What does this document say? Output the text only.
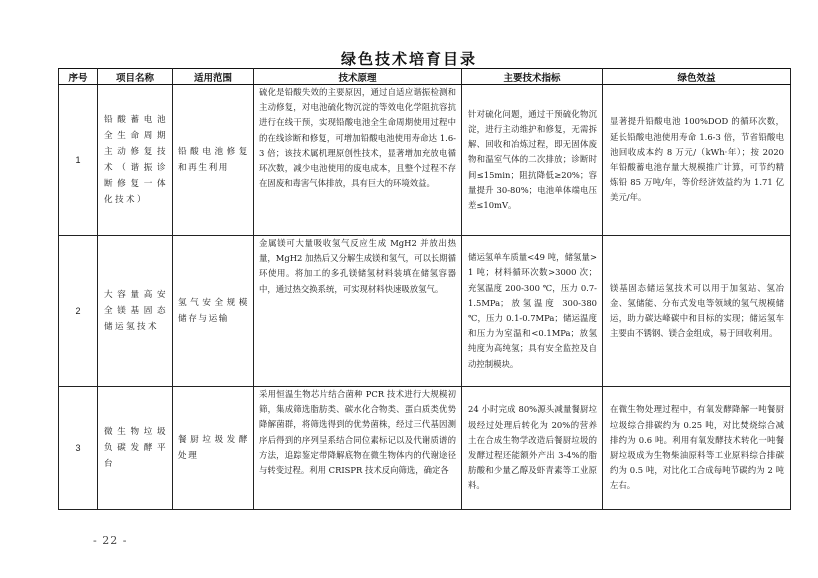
绿色技术培育目录
序号	项目名称	适用范围	技术原理	主要技术指标	绿色效益
1	铅酸蓄电池全生命周期主动修复技术（谐振诊断修复一体化技术）	铅酸电池修复和再生利用	硫化是铅酸失效的主要原因，通过自适应谐振检测和主动修复，对电池硫化物沉淀的等效电化学阻抗容抗进行在线干预，实现铅酸电池全生命周期使用过程中的在线诊断和修复，可增加铅酸电池使用寿命达 1.6-3 倍；该技术属机理原创性技术，显著增加充放电循环次数，减少电池使用的废电成本，且整个过程不存在固废和毒害气体排放，具有巨大的环境效益。	针对硫化问题，通过干预硫化物沉淀，进行主动维护和修复，无需拆解、回收和冶炼过程，即无固体废物和温室气体的二次排放；诊断时间≤15min；阻抗降低≥20%；容量提升 30-80%；电池单体端电压差≤10mV。	显著提升铅酸电池 100%DOD 的循环次数，延长铅酸电池使用寿命 1.6-3 倍，节省铅酸电池回收成本约 8 万元/（kWh·年）；按 2020 年铅酸蓄电池存量大规模推广计算，可节约精炼铅 85 万吨/年，等价经济效益约为 1.71 亿美元/年。
2	大容量高安全镁基固态储运氢技术	氢气安全规模储存与运输	金属镁可大量吸收氢气反应生成 MgH2 并放出热量，MgH2 加热后又分解生成镁和氢气，可以长期循环使用。将加工的多孔镁储氢材料装填在储氢容器中，通过热交换系统，可实现材料快速吸放氢气。	储运氢单车质量<49 吨，储氢量>1 吨；材料循环次数>3000 次；充氢温度 200-300 ℃，压力 0.7-1.5MPa；放氢温度 300-380 ℃，压力 0.1-0.7MPa；储运温度和压力为室温和<0.1MPa；放氢纯度为高纯氢；具有安全监控及自动控制模块。	镁基固态储运氢技术可以用于加氢站、氢冶金、氢储能、分布式发电等领域的氢气规模储运，助力碳达峰碳中和目标的实现；储运氢车主要由不锈钢、镁合金组成，易于回收利用。
3	微生物垃圾负碳发酵平台	餐厨垃圾发酵处理	采用恒温生物芯片结合菌种 PCR 技术进行大规模初筛，集成筛选脂肪类、碳水化合物类、蛋白质类优势降解菌群，将筛选得到的优势菌株，经过三代基因测序后得到的序列呈系结合同位素标记以及代谢质谱的方法，追踪鉴定带降解底物在微生物体内的代谢途径与转变过程。利用 CRISPR 技术反向筛选，确定各	24 小时完成 80%源头减量餐厨垃圾经过处理后转化为 20%的营养土在合成生物学改造后餐厨垃圾的发酵过程还能额外产出 3-4%的脂肪酸和少量乙醇及虾青素等工业原料。	在微生物处理过程中，有氧发酵降解一吨餐厨垃圾综合排碳约为 0.25 吨，对比焚烧综合减排约为 0.6 吨。利用有氧发酵技术转化一吨餐厨垃圾成为生物柴油原料等工业原料综合排碳约为 0.5 吨，对比化工合成每吨节碳约为 2 吨左右。
- 22 -
